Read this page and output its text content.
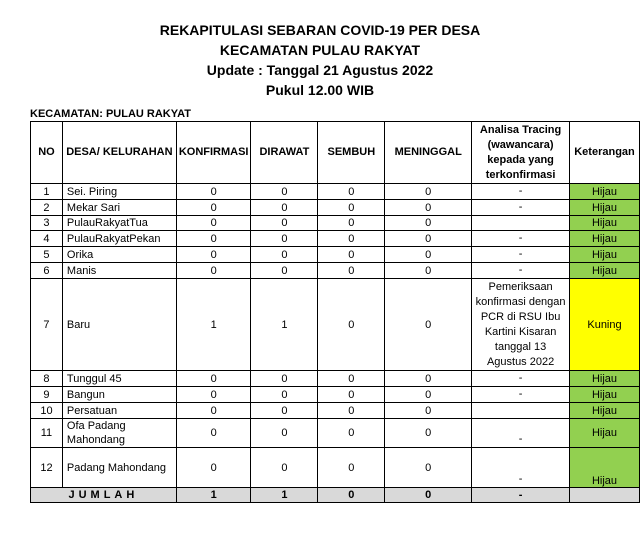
REKAPITULASI SEBARAN COVID-19 PER DESA
KECAMATAN PULAU RAKYAT
Update : Tanggal 21 Agustus 2022
Pukul 12.00 WIB
KECAMATAN: PULAU RAKYAT
NO	DESA/ KELURAHAN	KONFIRMASI	DIRAWAT	SEMBUH	MENINGGAL	Analisa Tracing (wawancara) kepada yang terkonfirmasi	Keterangan
1	Sei. Piring	0	0	0	0	-	Hijau
2	Mekar Sari	0	0	0	0	-	Hijau
3	PulauRakyatTua	0	0	0	0		Hijau
4	PulauRakyatPekan	0	0	0	0	-	Hijau
5	Orika	0	0	0	0	-	Hijau
6	Manis	0	0	0	0	-	Hijau
7	Baru	1	1	0	0	Pemeriksaan konfirmasi dengan PCR di RSU Ibu Kartini Kisaran tanggal 13 Agustus 2022	Kuning
8	Tunggul 45	0	0	0	0	-	Hijau
9	Bangun	0	0	0	0	-	Hijau
10	Persatuan	0	0	0	0		Hijau
11	Ofa Padang Mahondang	0	0	0	0	-	Hijau
12	Padang Mahondang	0	0	0	0	-	Hijau
JUMLAH		1	1	0	0	-	
